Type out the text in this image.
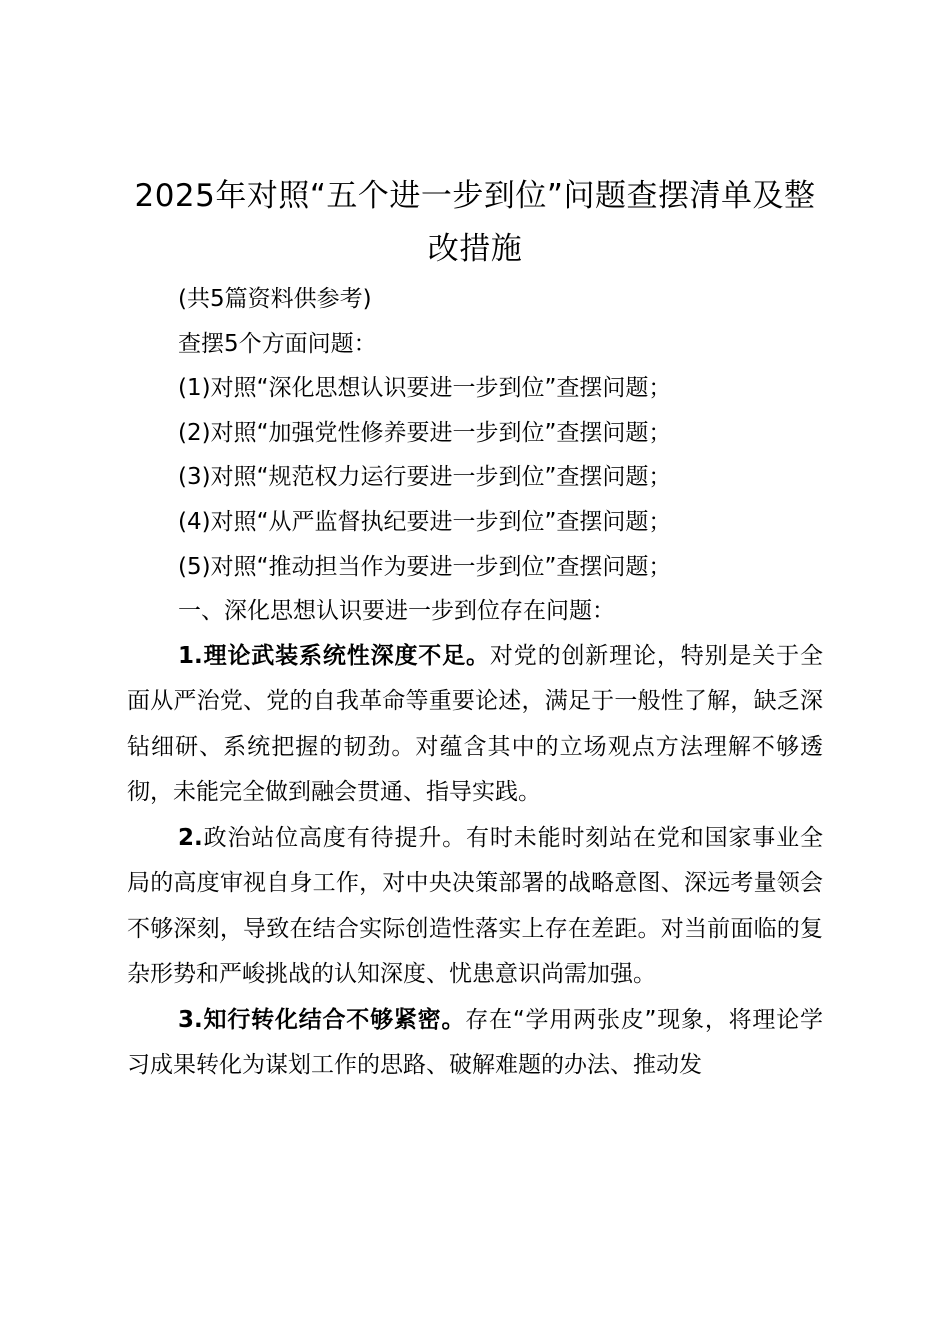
2025年对照“五个进一步到位”问题查摆清单及整改措施

(共5篇资料供参考)

查摆5个方面问题：

(1)对照“深化思想认识要进一步到位”查摆问题；

(2)对照“加强党性修养要进一步到位”查摆问题；

(3)对照“规范权力运行要进一步到位”查摆问题；

(4)对照“从严监督执纪要进一步到位”查摆问题；

(5)对照“推动担当作为要进一步到位”查摆问题；

一、深化思想认识要进一步到位存在问题：

1.理论武装系统性深度不足。对党的创新理论，特别是关于全面从严治党、党的自我革命等重要论述，满足于一般性了解，缺乏深钻细研、系统把握的韧劲。对蕴含其中的立场观点方法理解不够透彻，未能完全做到融会贯通、指导实践。

2.政治站位高度有待提升。有时未能时刻站在党和国家事业全局的高度审视自身工作，对中央决策部署的战略意图、深远考量领会不够深刻，导致在结合实际创造性落实上存在差距。对当前面临的复杂形势和严峻挑战的认知深度、忧患意识尚需加强。

3.知行转化结合不够紧密。存在“学用两张皮”现象，将理论学习成果转化为谋划工作的思路、破解难题的办法、推动发
